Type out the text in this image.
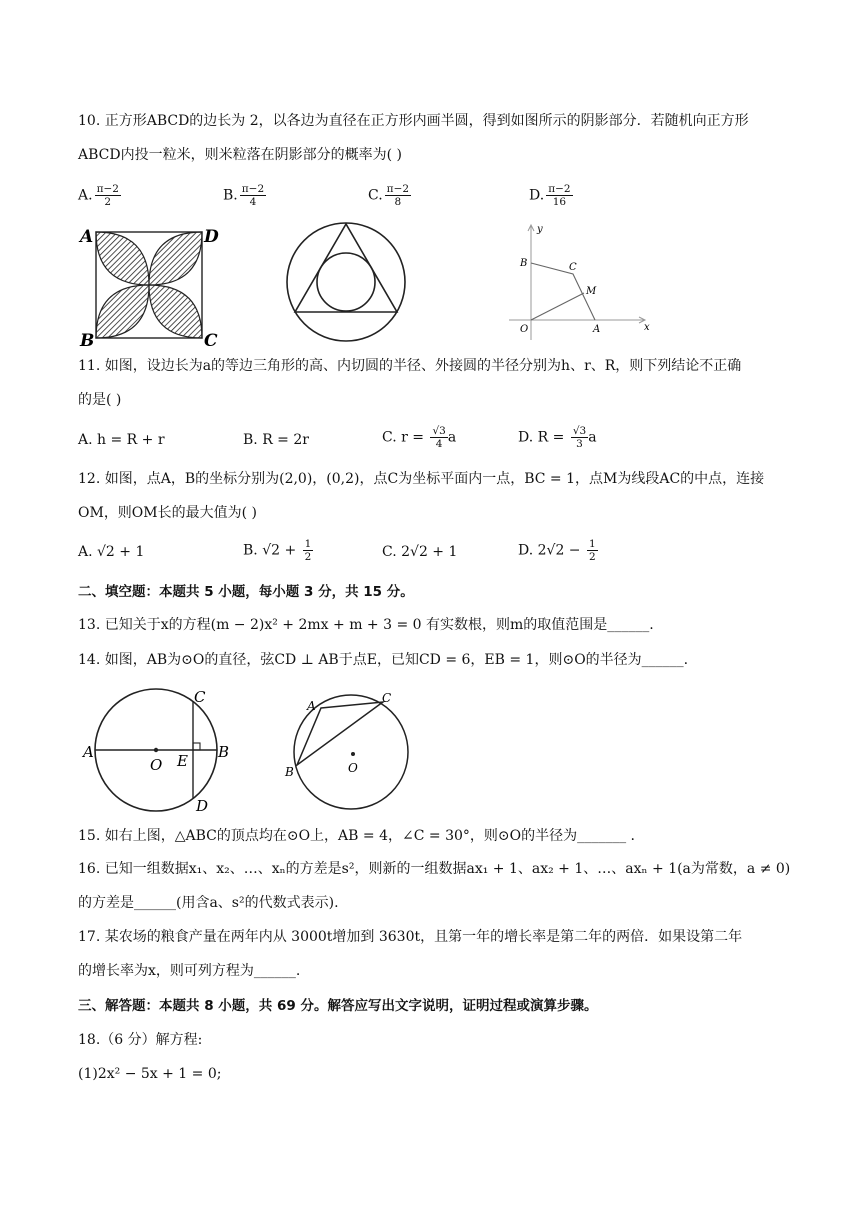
10. 正方形ABCD的边长为 2，以各边为直径在正方形内画半圆，得到如图所示的阴影部分．若随机向正方形
ABCD内投一粒米，则米粒落在阴影部分的概率为( )
A. $\frac{\pi-2}{2}$	B. $\frac{\pi-2}{4}$	C. $\frac{\pi-2}{8}$	D. $\frac{\pi-2}{16}$
A	D
B	C
y
x
B	C
M
O	A
11. 如图，设边长为a的等边三角形的高、内切圆的半径、外接圆的半径分别为h、r、R，则下列结论不正确
的是( )
A. h = R + r	B. R = 2r	C. $r = \frac{√3}{4}$ a	D. $R = \frac{√3}{3}$ a
12. 如图，点A，B的坐标分别为(2,0)，(0,2)，点C为坐标平面内一点，BC = 1，点M为线段AC的中点，连接
OM，则OM长的最大值为( )
A. √2 + 1	B. $√2 + \frac{1}{2}$	C. 2√2 + 1	D. $2√2 - \frac{1}{2}$
二、填空题：本题共 5 小题，每小题 3 分，共 15 分。
13. 已知关于x的方程(m − 2)x² + 2mx + m + 3 = 0 有实数根，则m的取值范围是______.
14. 如图，AB为⊙O的直径，弦CD ⊥ AB于点E，已知CD = 6，EB = 1，则⊙O的半径为______.
A	B
C
D
E
O
A
C
B	O
15. 如右上图，△ABC的顶点均在⊙O上，AB = 4，∠C = 30°，则⊙O的半径为_______ .
16. 已知一组数据x₁、x₂、…、xₙ的方差是s²，则新的一组数据ax₁ + 1、ax₂ + 1、…、axₙ + 1(a为常数，a ≠ 0)
的方差是______(用含a、s²的代数式表示).
17. 某农场的粮食产量在两年内从 3000t增加到 3630t，且第一年的增长率是第二年的两倍．如果设第二年
的增长率为x，则可列方程为______.
三、解答题：本题共 8 小题，共 69 分。解答应写出文字说明，证明过程或演算步骤。
18.（6 分）解方程:
(1)2x² − 5x + 1 = 0;
